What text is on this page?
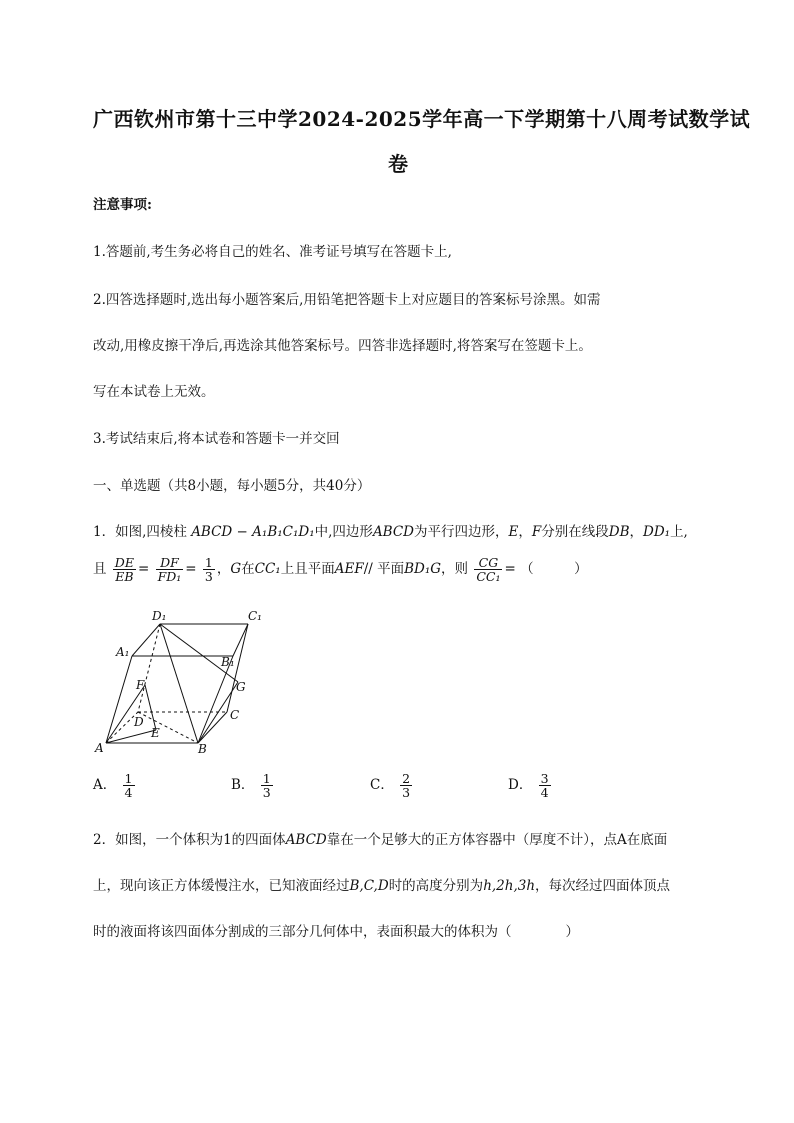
广西钦州市第十三中学2024-2025学年高一下学期第十八周考试数学试
卷
注意事项:
1.答题前,考生务必将自己的姓名、准考证号填写在答题卡上,
2.四答选择题时,选出每小题答案后,用铅笔把答题卡上对应题目的答案标号涂黑。如需
改动,用橡皮擦干净后,再选涂其他答案标号。四答非选择题时,将答案写在签题卡上。
写在本试卷上无效。
3.考试结束后,将本试卷和答题卡一并交回
一、单选题（共8小题，每小题5分，共40分）
1．如图,四棱柱 ABCD − A₁B₁C₁D₁中,四边形ABCD为平行四边形，E，F分别在线段DB，DD₁上,
且 $\frac{DE}{EB} = \frac{DF}{\text{FD₁}} = \frac{1}{3}$ ，G在CC₁上且平面AEF// 平面BD₁G，则 $\frac{CG}{\text{CC₁}}$ = （　　　）
D₁	C₁
A₁
B₁
F	G
D	C
E
A	B
A． $\frac{1}{4}$	B． $\frac{1}{3}$	C． $\frac{2}{3}$	D． $\frac{3}{4}$
2．如图，一个体积为1的四面体ABCD靠在一个足够大的正方体容器中（厚度不计），点A在底面
上，现向该正方体缓慢注水，已知液面经过B,C,D时的高度分别为h,2h,3h，每次经过四面体顶点
时的液面将该四面体分割成的三部分几何体中，表面积最大的体积为（　　　　）
